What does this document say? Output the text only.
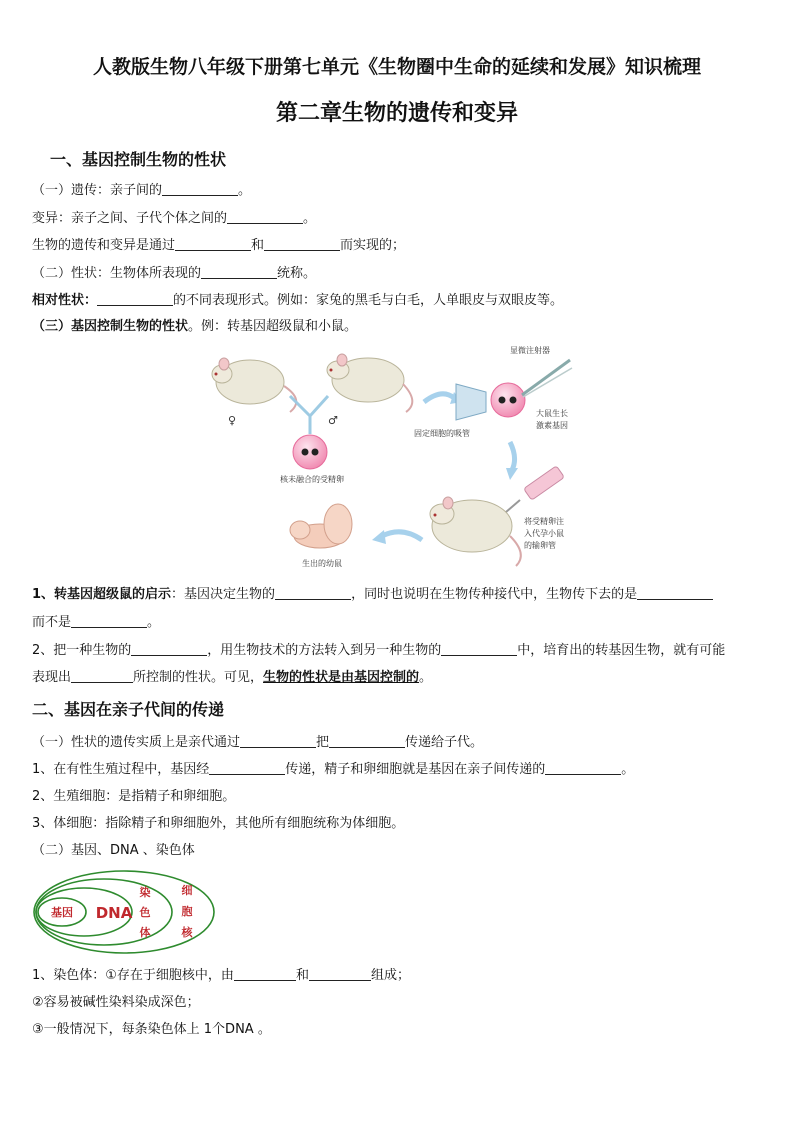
人教版生物八年级下册第七单元《生物圈中生命的延续和发展》知识梳理
第二章生物的遗传和变异
一、基因控制生物的性状
（一）遗传：亲子间的	。
变异：亲子之间、子代个体之间的	。
生物的遗传和变异是通过	和	而实现的；
（二）性状：生物体所表现的	统称。
相对性状：	的不同表现形式。例如：家兔的黑毛与白毛，人单眼皮与双眼皮等。
（三）基因控制生物的性状。例：转基因超级鼠和小鼠。
♀	♂
核未融合的受精卵
显微注射器
大鼠生长
激素基因
固定细胞的吸管
将受精卵注
入代孕小鼠
的输卵管
生出的幼鼠
1、转基因超级鼠的启示：基因决定生物的	，同时也说明在生物传种接代中，生物传下去的是
而不是	。
2、把一种生物的	，用生物技术的方法转入到另一种生物的	中，培育出的转基因生物，就有可能
表现出	所控制的性状。可见，生物的性状是由基因控制的。
二、基因在亲子代间的传递
（一）性状的遗传实质上是亲代通过	把	传递给子代。
1、在有性生殖过程中，基因经	传递，精子和卵细胞就是基因在亲子间传递的	。
2、生殖细胞：是指精子和卵细胞。
3、体细胞：指除精子和卵细胞外，其他所有细胞统称为体细胞。
（二）基因、DNA 、染色体
基因 DNA
染
色
体
细
胞
核
1、染色体：①存在于细胞核中，由	和	组成；
②容易被碱性染料染成深色；
③一般情况下，每条染色体上 1个DNA 。
